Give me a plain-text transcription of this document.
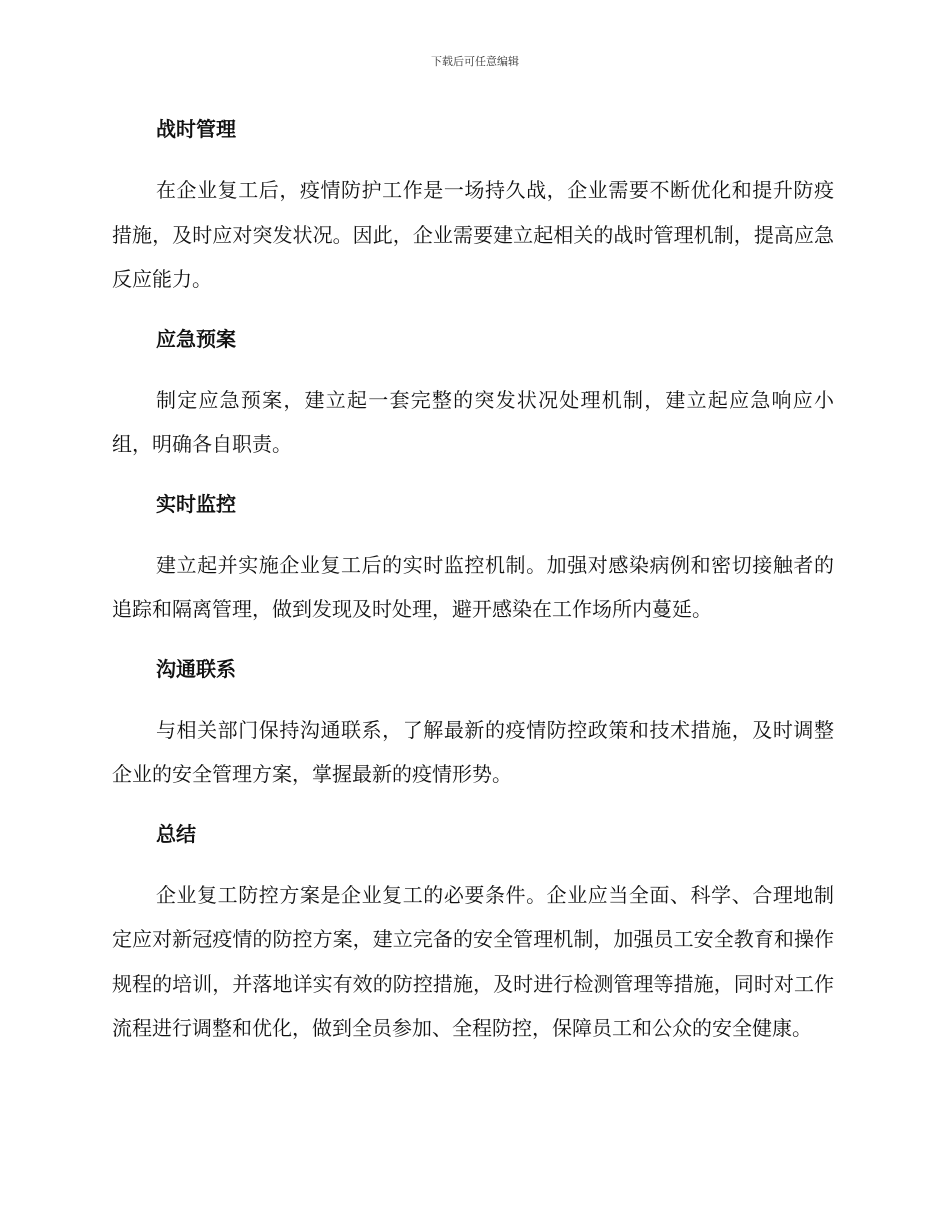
下载后可任意编辑
战时管理

在企业复工后，疫情防护工作是一场持久战，企业需要不断优化和提升防疫措施，及时应对突发状况。因此，企业需要建立起相关的战时管理机制，提高应急反应能力。

应急预案

制定应急预案，建立起一套完整的突发状况处理机制，建立起应急响应小组，明确各自职责。

实时监控

建立起并实施企业复工后的实时监控机制。加强对感染病例和密切接触者的追踪和隔离管理，做到发现及时处理，避开感染在工作场所内蔓延。

沟通联系

与相关部门保持沟通联系，了解最新的疫情防控政策和技术措施，及时调整企业的安全管理方案，掌握最新的疫情形势。

总结

企业复工防控方案是企业复工的必要条件。企业应当全面、科学、合理地制定应对新冠疫情的防控方案，建立完备的安全管理机制，加强员工安全教育和操作规程的培训，并落地详实有效的防控措施，及时进行检测管理等措施，同时对工作流程进行调整和优化，做到全员参加、全程防控，保障员工和公众的安全健康。
